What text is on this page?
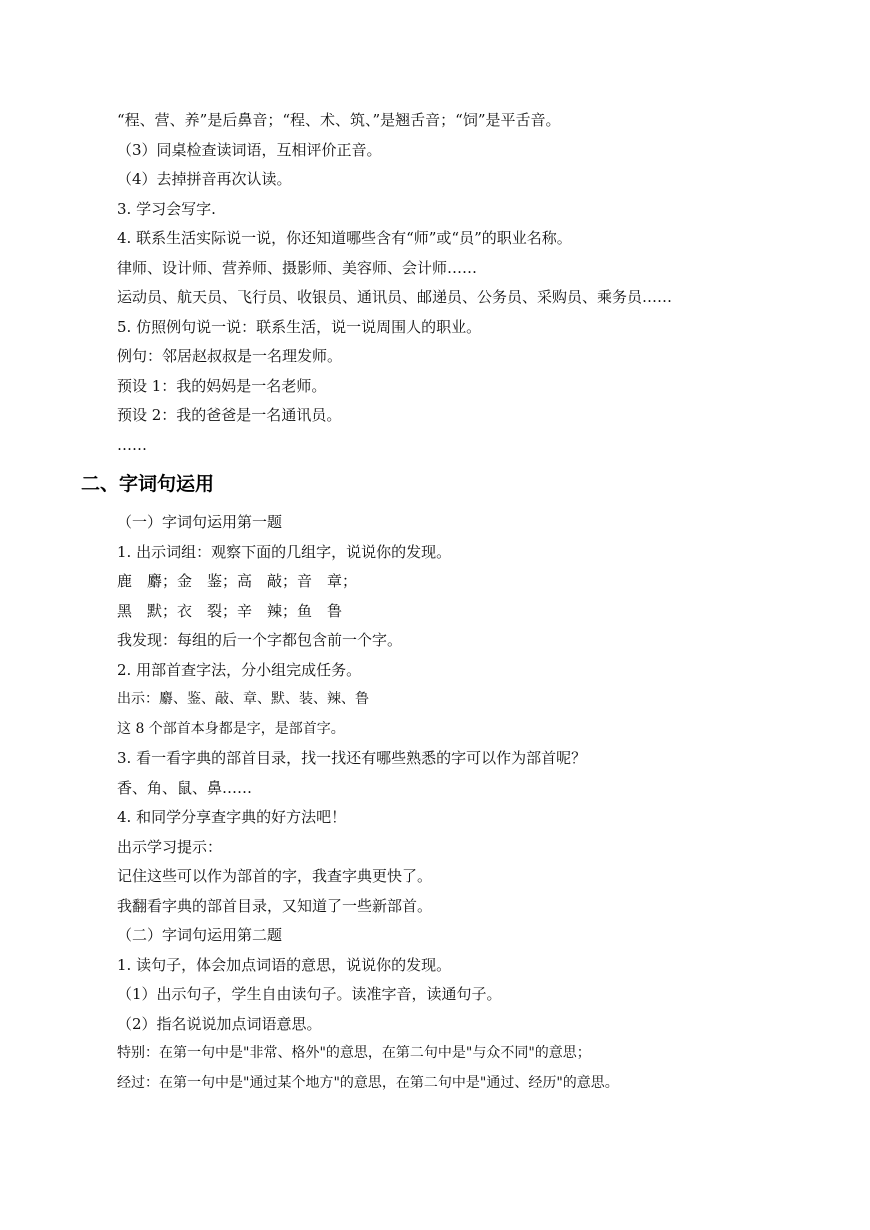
“程、营、养”是后鼻音；“程、术、筑、”是翘舌音；“饲”是平舌音。
（3）同桌检查读词语，互相评价正音。
（4）去掉拼音再次认读。
3. 学习会写字.
4. 联系生活实际说一说，你还知道哪些含有“师”或“员”的职业名称。
律师、设计师、营养师、摄影师、美容师、会计师……
运动员、航天员、飞行员、收银员、通讯员、邮递员、公务员、采购员、乘务员……
5. 仿照例句说一说：联系生活，说一说周围人的职业。
例句：邻居赵叔叔是一名理发师。
预设 1：我的妈妈是一名老师。
预设 2：我的爸爸是一名通讯员。
……
二、字词句运用
（一）字词句运用第一题
1. 出示词组：观察下面的几组字，说说你的发现。
鹿　麝；金　鉴；高　敲；音　章；
黑　默；衣　裂；辛　辣；鱼　鲁
我发现：每组的后一个字都包含前一个字。
2. 用部首查字法，分小组完成任务。
出示：麝、鉴、敲、章、默、装、辣、鲁
这 8 个部首本身都是字，是部首字。
3. 看一看字典的部首目录，找一找还有哪些熟悉的字可以作为部首呢？
香、角、鼠、鼻……
4. 和同学分享查字典的好方法吧！
出示学习提示：
记住这些可以作为部首的字，我查字典更快了。
我翻看字典的部首目录，又知道了一些新部首。
（二）字词句运用第二题
1. 读句子，体会加点词语的意思，说说你的发现。
（1）出示句子，学生自由读句子。读准字音，读通句子。
（2）指名说说加点词语意思。
特别：在第一句中是"非常、格外"的意思，在第二句中是"与众不同"的意思；
经过：在第一句中是"通过某个地方"的意思，在第二句中是"通过、经历"的意思。
